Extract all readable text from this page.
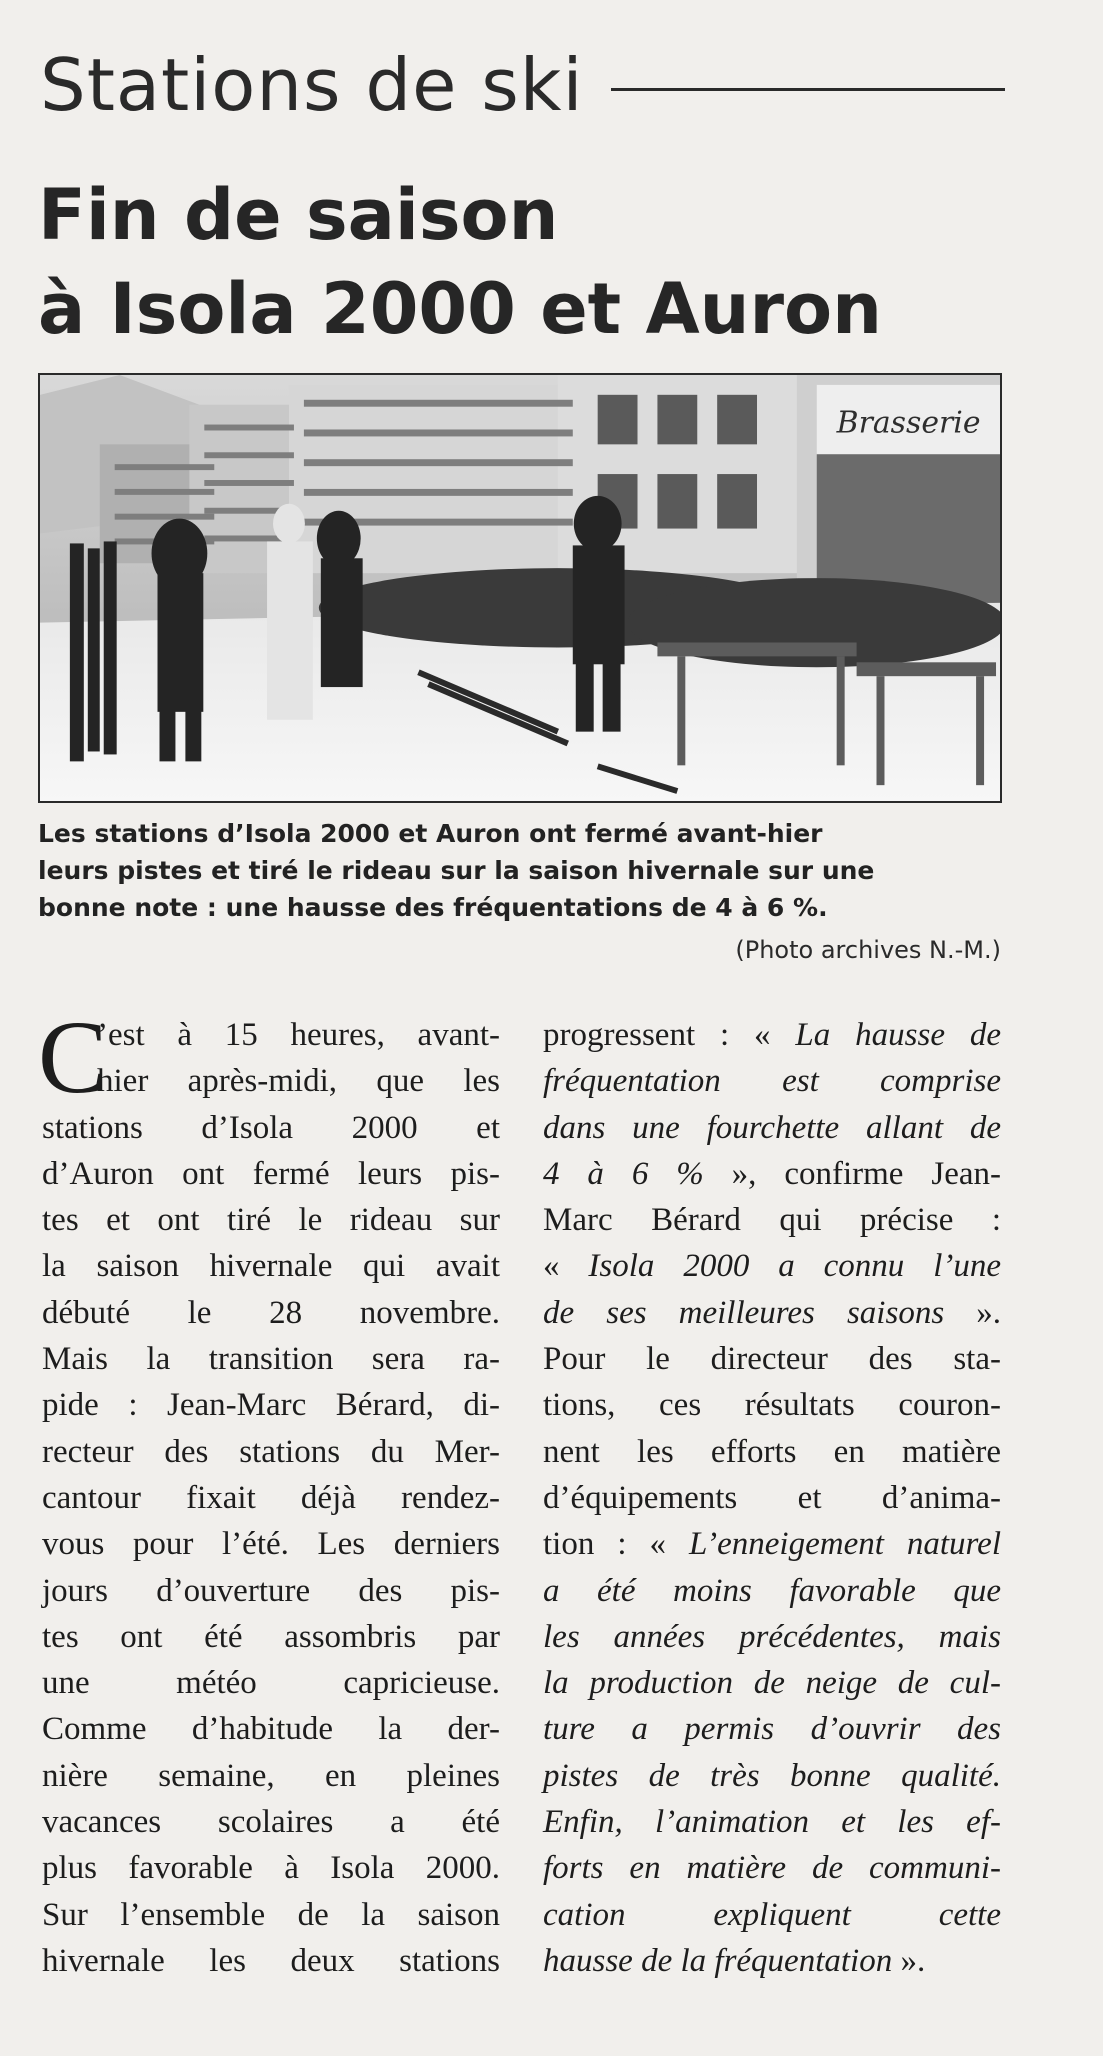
Stations de ski
Fin de saison
à Isola 2000 et Auron
Brasserie
Les stations d’Isola 2000 et Auron ont fermé avant-hier
leurs pistes et tiré le rideau sur la saison hivernale sur une
bonne note : une hausse des fréquentations de 4 à 6 %.
(Photo archives N.-M.)
C
’est à 15 heures, avant-
hier après-midi, que les
stations d’Isola 2000 et
d’Auron ont fermé leurs pis-
tes et ont tiré le rideau sur
la saison hivernale qui avait
débuté le 28 novembre.
Mais la transition sera ra-
pide : Jean-Marc Bérard, di-
recteur des stations du Mer-
cantour fixait déjà rendez-
vous pour l’été. Les derniers
jours d’ouverture des pis-
tes ont été assombris par
une météo capricieuse.
Comme d’habitude la der-
nière semaine, en pleines
vacances scolaires a été
plus favorable à Isola 2000.
Sur l’ensemble de la saison
hivernale les deux stations
progressent : « La hausse de
fréquentation est comprise
dans une fourchette allant de
4 à 6 % », confirme Jean-
Marc Bérard qui précise :
« Isola 2000 a connu l’une
de ses meilleures saisons ».
Pour le directeur des sta-
tions, ces résultats couron-
nent les efforts en matière
d’équipements et d’anima-
tion : « L’enneigement naturel
a été moins favorable que
les années précédentes, mais
la production de neige de cul-
ture a permis d’ouvrir des
pistes de très bonne qualité.
Enfin, l’animation et les ef-
forts en matière de communi-
cation expliquent cette
hausse de la fréquentation ».
